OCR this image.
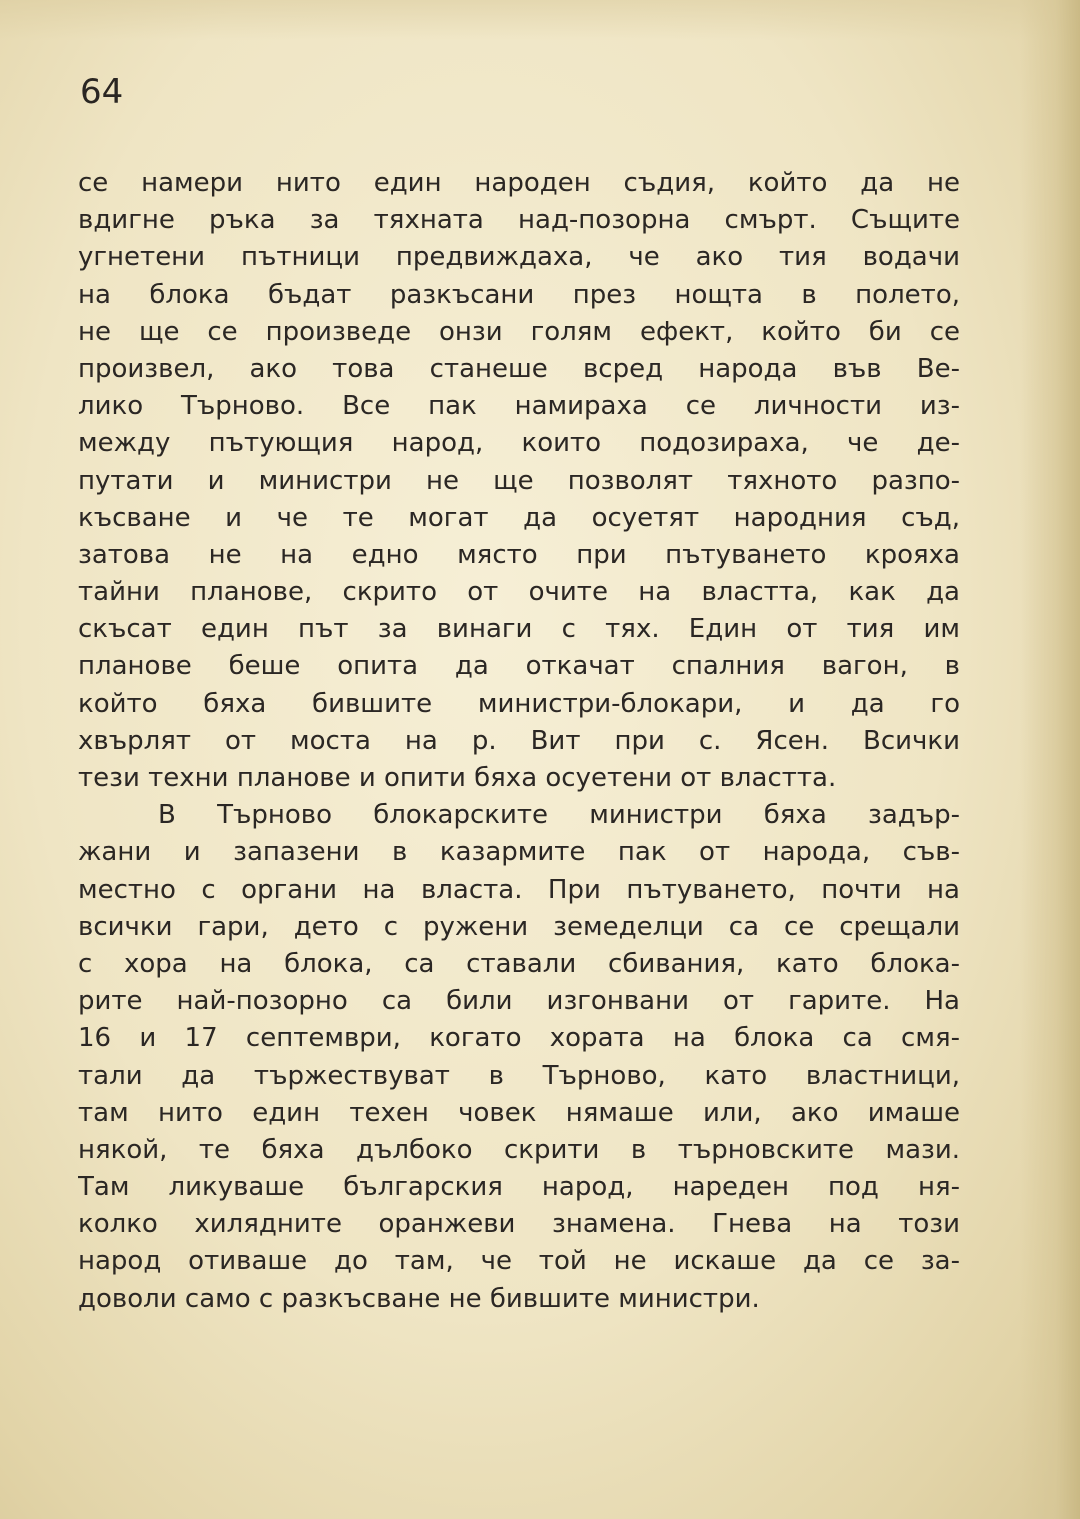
64

се намери нито един народен съдия, който да не
вдигне ръка за тяхната над-позорна смърт. Същите
угнетени пътници предвиждаха, че ако тия водачи
на блока бъдат разкъсани през нощта в полето,
не ще се произведе онзи голям ефект, който би се
произвел, ако това станеше всред народа във Ве-
лико Търново. Все пак намираха се личности из-
между пътующия народ, които подозираха, че де-
путати и министри не ще позволят тяхното разпо-
късване и че те могат да осуетят народния съд,
затова не на едно място при пътуването крояха
тайни планове, скрито от очите на властта, как да
скъсат един път за винаги с тях. Един от тия им
планове беше опита да откачат спалния вагон, в
който бяха бившите министри-блокари, и да го
хвърлят от моста на р. Вит при с. Ясен. Всички
тези техни планове и опити бяха осуетени от властта.
В Търново блокарските министри бяха задър-
жани и запазени в казармите пак от народа, съв-
местно с органи на власта. При пътуването, почти на
всички гари, дето с ружени земеделци са се срещали
с хора на блока, са ставали сбивания, като блока-
рите най-позорно са били изгонвани от гарите. На
16 и 17 септември, когато хората на блока са смя-
тали да тържествуват в Търново, като властници,
там нито един техен човек нямаше или, ако имаше
някой, те бяха дълбоко скрити в търновските мази.
Там ликуваше българския народ, нареден под ня-
колко хилядните оранжеви знамена. Гнева на този
народ отиваше до там, че той не искаше да се за-
доволи само с разкъсване не бившите министри.
